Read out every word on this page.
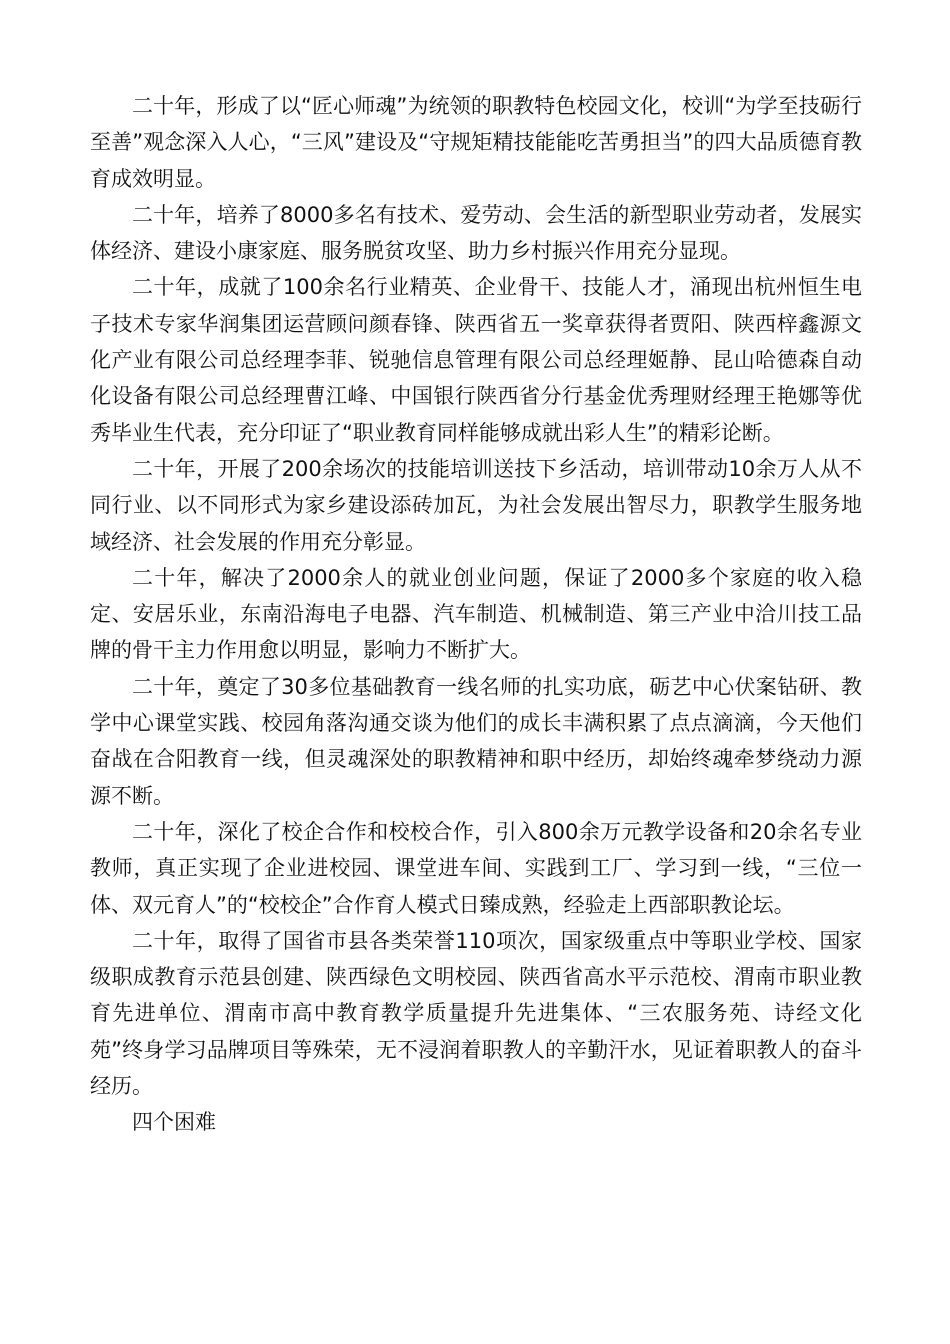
二十年，形成了以“匠心师魂”为统领的职教特色校园文化，校训“为学至技砺行至善”观念深入人心，“三风”建设及“守规矩精技能能吃苦勇担当”的四大品质德育教育成效明显。

二十年，培养了8000多名有技术、爱劳动、会生活的新型职业劳动者，发展实体经济、建设小康家庭、服务脱贫攻坚、助力乡村振兴作用充分显现。

二十年，成就了100余名行业精英、企业骨干、技能人才，涌现出杭州恒生电子技术专家华润集团运营顾问颜春锋、陕西省五一奖章获得者贾阳、陕西梓鑫源文化产业有限公司总经理李菲、锐驰信息管理有限公司总经理姬静、昆山哈德森自动化设备有限公司总经理曹江峰、中国银行陕西省分行基金优秀理财经理王艳娜等优秀毕业生代表，充分印证了“职业教育同样能够成就出彩人生”的精彩论断。

二十年，开展了200余场次的技能培训送技下乡活动，培训带动10余万人从不同行业、以不同形式为家乡建设添砖加瓦，为社会发展出智尽力，职教学生服务地域经济、社会发展的作用充分彰显。

二十年，解决了2000余人的就业创业问题，保证了2000多个家庭的收入稳定、安居乐业，东南沿海电子电器、汽车制造、机械制造、第三产业中洽川技工品牌的骨干主力作用愈以明显，影响力不断扩大。

二十年，奠定了30多位基础教育一线名师的扎实功底，砺艺中心伏案钻研、教学中心课堂实践、校园角落沟通交谈为他们的成长丰满积累了点点滴滴，今天他们奋战在合阳教育一线，但灵魂深处的职教精神和职中经历，却始终魂牵梦绕动力源源不断。

二十年，深化了校企合作和校校合作，引入800余万元教学设备和20余名专业教师，真正实现了企业进校园、课堂进车间、实践到工厂、学习到一线，“三位一体、双元育人”的“校校企”合作育人模式日臻成熟，经验走上西部职教论坛。

二十年，取得了国省市县各类荣誉110项次，国家级重点中等职业学校、国家级职成教育示范县创建、陕西绿色文明校园、陕西省高水平示范校、渭南市职业教育先进单位、渭南市高中教育教学质量提升先进集体、“三农服务苑、诗经文化苑”终身学习品牌项目等殊荣，无不浸润着职教人的辛勤汗水，见证着职教人的奋斗经历。

四个困难
